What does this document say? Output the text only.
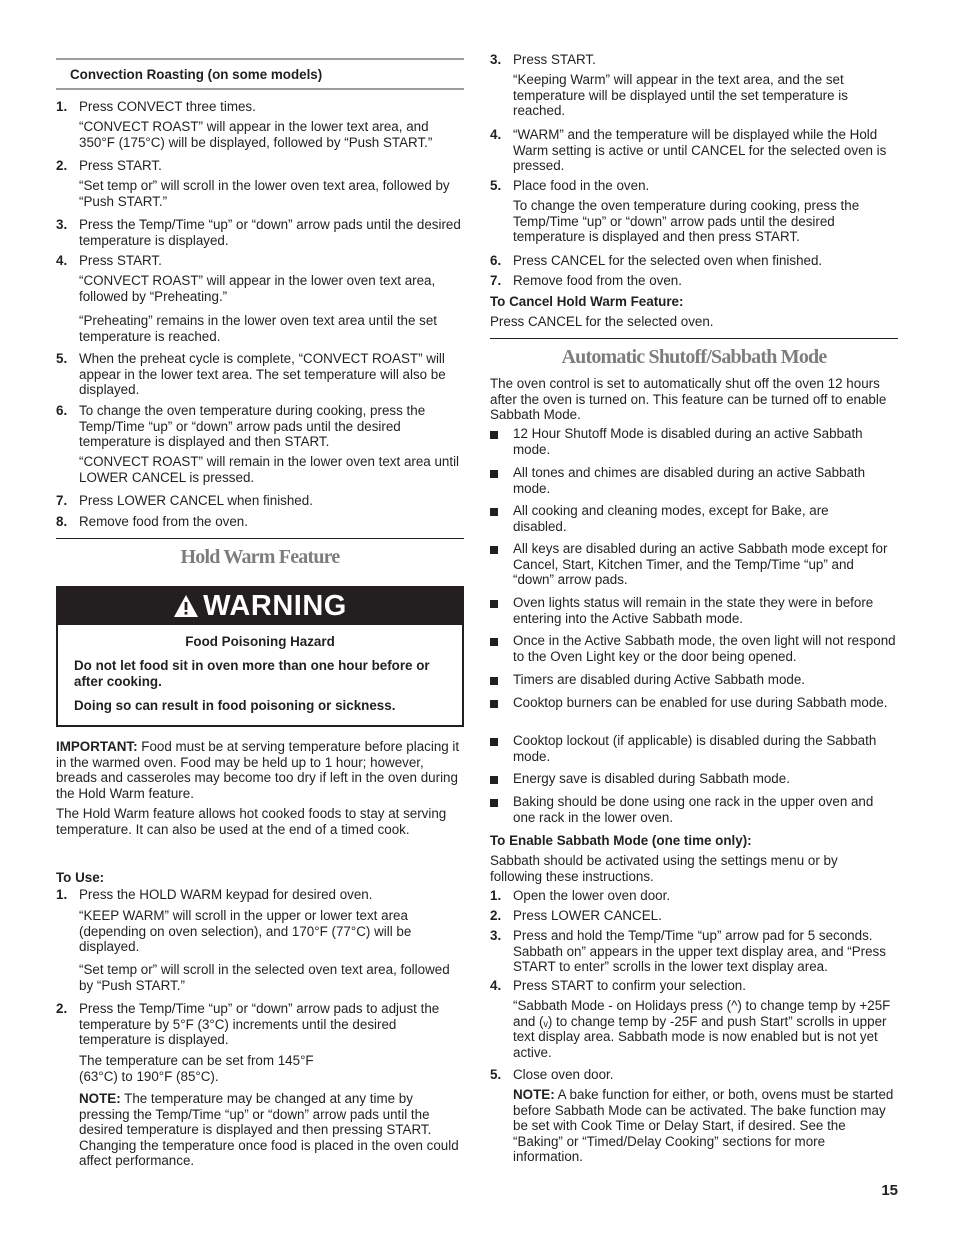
Convection Roasting (on some models)
1. Press CONVECT three times.
“CONVECT ROAST” will appear in the lower text area, and 350°F (175°C) will be displayed, followed by “Push START.”
2. Press START.
“Set temp or” will scroll in the lower oven text area, followed by “Push START.”
3. Press the Temp/Time “up” or “down” arrow pads until the desired temperature is displayed.
4. Press START.
“CONVECT ROAST” will appear in the lower oven text area, followed by “Preheating.”
“Preheating” remains in the lower oven text area until the set temperature is reached.
5. When the preheat cycle is complete, “CONVECT ROAST” will appear in the lower text area. The set temperature will also be displayed.
6. To change the oven temperature during cooking, press the Temp/Time “up” or “down” arrow pads until the desired temperature is displayed and then START.
“CONVECT ROAST” will remain in the lower oven text area until LOWER CANCEL is pressed.
7. Press LOWER CANCEL when finished.
8. Remove food from the oven.
Hold Warm Feature
WARNING
Food Poisoning Hazard
Do not let food sit in oven more than one hour before or after cooking.
Doing so can result in food poisoning or sickness.
IMPORTANT: Food must be at serving temperature before placing it in the warmed oven. Food may be held up to 1 hour; however, breads and casseroles may become too dry if left in the oven during the Hold Warm feature.
The Hold Warm feature allows hot cooked foods to stay at serving temperature. It can also be used at the end of a timed cook.
To Use:
1. Press the HOLD WARM keypad for desired oven.
“KEEP WARM” will scroll in the upper or lower text area (depending on oven selection), and 170°F (77°C) will be displayed.
“Set temp or” will scroll in the selected oven text area, followed by “Push START.”
2. Press the Temp/Time “up” or “down” arrow pads to adjust the temperature by 5°F (3°C) increments until the desired temperature is displayed.
The temperature can be set from 145°F (63°C) to 190°F (85°C).
NOTE: The temperature may be changed at any time by pressing the Temp/Time “up” or “down” arrow pads until the desired temperature is displayed and then pressing START. Changing the temperature once food is placed in the oven could affect performance.
3. Press START.
“Keeping Warm” will appear in the text area, and the set temperature will be displayed until the set temperature is reached.
4. “WARM” and the temperature will be displayed while the Hold Warm setting is active or until CANCEL for the selected oven is pressed.
5. Place food in the oven.
To change the oven temperature during cooking, press the Temp/Time “up” or “down” arrow pads until the desired temperature is displayed and then press START.
6. Press CANCEL for the selected oven when finished.
7. Remove food from the oven.
To Cancel Hold Warm Feature:
Press CANCEL for the selected oven.
Automatic Shutoff/Sabbath Mode
The oven control is set to automatically shut off the oven 12 hours after the oven is turned on. This feature can be turned off to enable Sabbath Mode.
12 Hour Shutoff Mode is disabled during an active Sabbath mode.
All tones and chimes are disabled during an active Sabbath mode.
All cooking and cleaning modes, except for Bake, are disabled.
All keys are disabled during an active Sabbath mode except for Cancel, Start, Kitchen Timer, and the Temp/Time “up” and “down” arrow pads.
Oven lights status will remain in the state they were in before entering into the Active Sabbath mode.
Once in the Active Sabbath mode, the oven light will not respond to the Oven Light key or the door being opened.
Timers are disabled during Active Sabbath mode.
Cooktop burners can be enabled for use during Sabbath mode.
Cooktop lockout (if applicable) is disabled during the Sabbath mode.
Energy save is disabled during Sabbath mode.
Baking should be done using one rack in the upper oven and one rack in the lower oven.
To Enable Sabbath Mode (one time only):
Sabbath should be activated using the settings menu or by following these instructions.
1. Open the lower oven door.
2. Press LOWER CANCEL.
3. Press and hold the Temp/Time “up” arrow pad for 5 seconds. Sabbath on” appears in the upper text display area, and “Press START to enter” scrolls in the lower text display area.
4. Press START to confirm your selection.
“Sabbath Mode - on Holidays press (^) to change temp by +25F and (ᵥ) to change temp by -25F and push Start” scrolls in upper text display area. Sabbath mode is now enabled but is not yet active.
5. Close oven door.
NOTE: A bake function for either, or both, ovens must be started before Sabbath Mode can be activated. The bake function may be set with Cook Time or Delay Start, if desired. See the “Baking” or “Timed/Delay Cooking” sections for more information.
15
